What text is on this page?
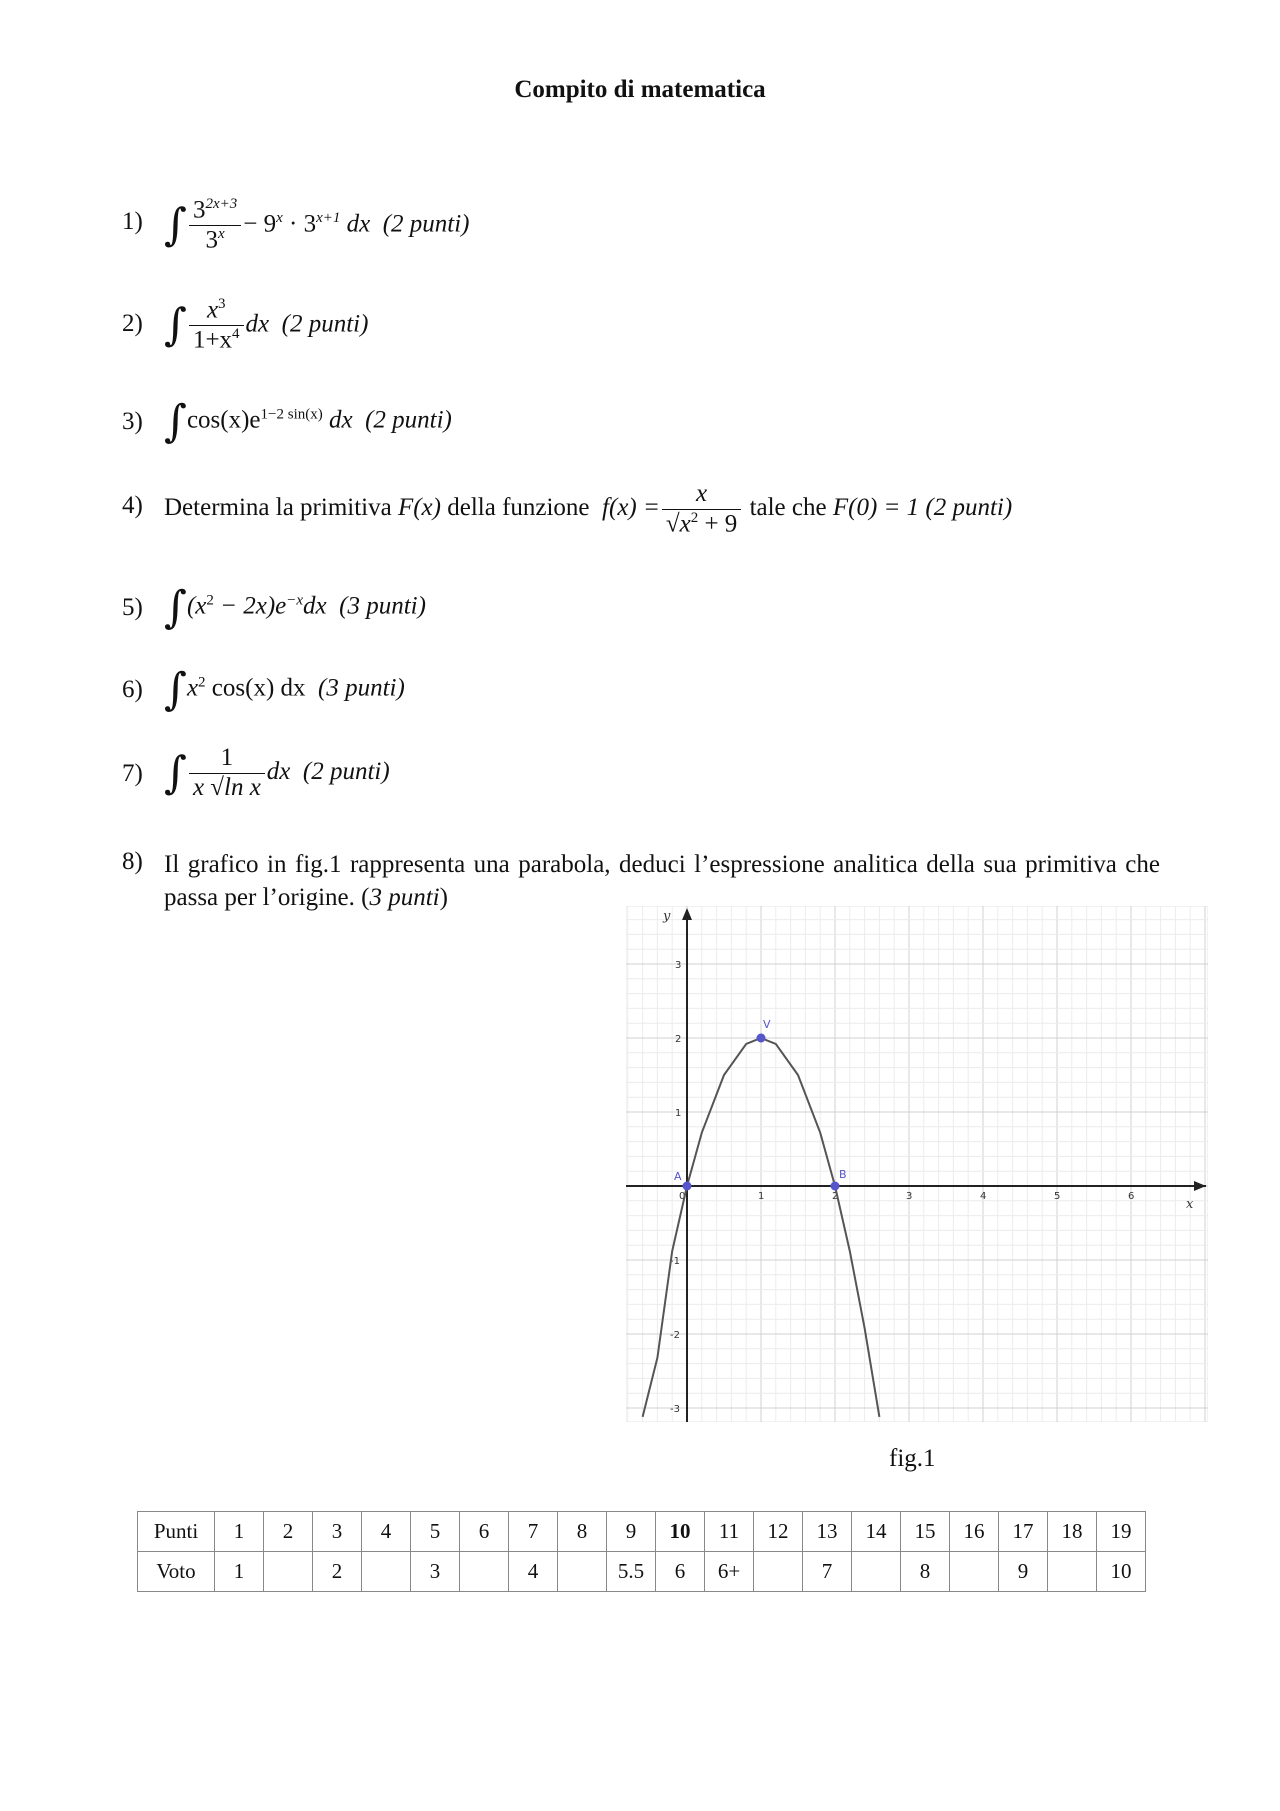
Compito di matematica
1) ∫ $\frac{3^{2x+3}}{3^x} - 9^x \cdot 3^{x+1}$ dx (2 punti)
2) ∫ $\frac{x^3}{1+x^4}$ dx (2 punti)
3) $\int\cos(x)e^{1-2 sin(x)}$ dx (2 punti)
4) Determina la primitiva F(x) della funzione $f(x) = \frac{x}{√x^2 + 9}$ tale che F(0) = 1 (2 punti)
5) $\int(x^2 - 2x)e^{-x}dx$ (3 punti)
6) $\int x^2$ cos(x) dx (3 punti)
7) ∫ $\frac{1}{\text{x √ln x}}$ dx (2 punti)
8) Il grafico in fig.1 rappresenta una parabola, deduci l’espressione analitica della sua primitiva che passa per l’origine. (3 punti)
0	1	2	3	4	5	6
-3
-2
-1
1
2
3
x
y
A
V
B
fig.1
Punti	1	2	3	4	5	6	7	8	9	10	11	12	13	14	15	16	17	18	19
Voto	1		2		3		4		5.5	6	6+		7		8		9		10
